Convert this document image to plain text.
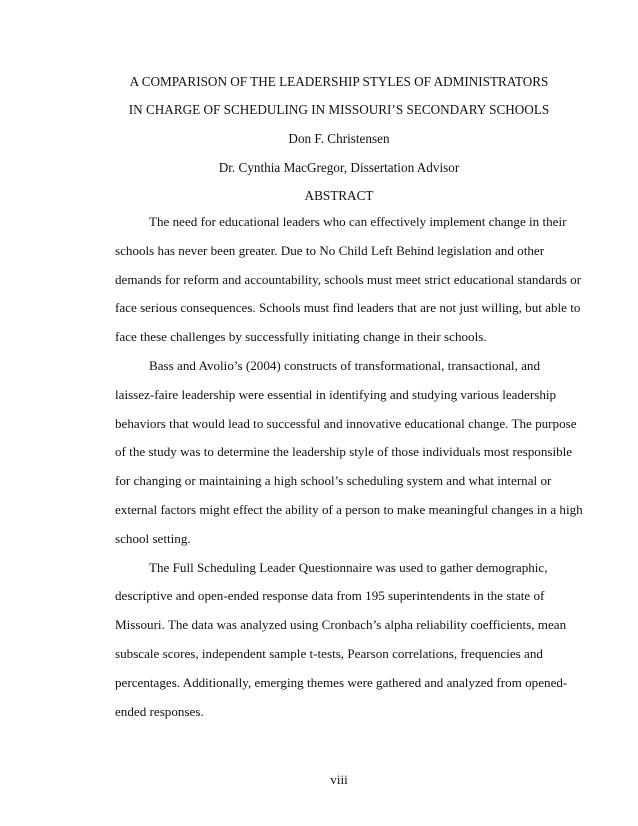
A COMPARISON OF THE LEADERSHIP STYLES OF ADMINISTRATORS
IN CHARGE OF SCHEDULING IN MISSOURI’S SECONDARY SCHOOLS
Don F. Christensen
Dr. Cynthia MacGregor, Dissertation Advisor
ABSTRACT

The need for educational leaders who can effectively implement change in their
schools has never been greater. Due to No Child Left Behind legislation and other
demands for reform and accountability, schools must meet strict educational standards or
face serious consequences. Schools must find leaders that are not just willing, but able to
face these challenges by successfully initiating change in their schools.

Bass and Avolio’s (2004) constructs of transformational, transactional, and
laissez-faire leadership were essential in identifying and studying various leadership
behaviors that would lead to successful and innovative educational change. The purpose
of the study was to determine the leadership style of those individuals most responsible
for changing or maintaining a high school’s scheduling system and what internal or
external factors might effect the ability of a person to make meaningful changes in a high
school setting.

The Full Scheduling Leader Questionnaire was used to gather demographic,
descriptive and open-ended response data from 195 superintendents in the state of
Missouri. The data was analyzed using Cronbach’s alpha reliability coefficients, mean
subscale scores, independent sample t-tests, Pearson correlations, frequencies and
percentages. Additionally, emerging themes were gathered and analyzed from opened-
ended responses.

viii
